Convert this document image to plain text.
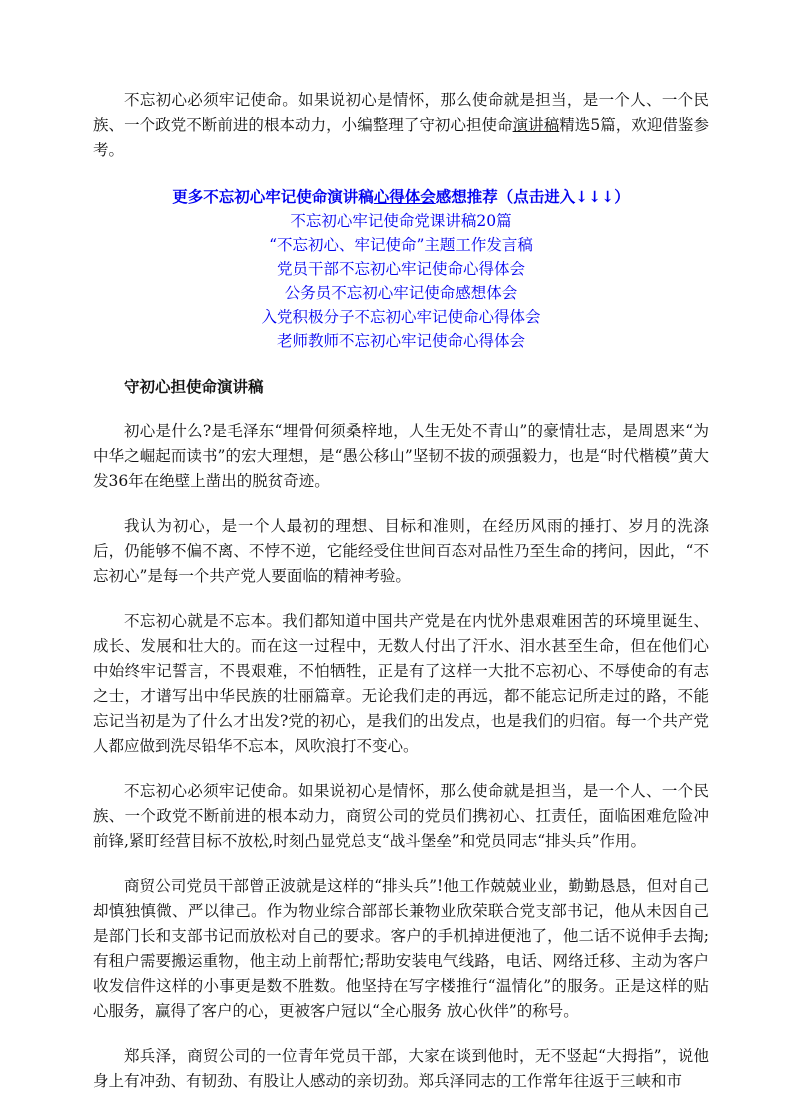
不忘初心必须牢记使命。如果说初心是情怀，那么使命就是担当，是一个人、一个民族、一个政党不断前进的根本动力，小编整理了守初心担使命演讲稿精选5篇，欢迎借鉴参考。

更多不忘初心牢记使命演讲稿心得体会感想推荐（点击进入↓↓↓）
不忘初心牢记使命党课讲稿20篇
“不忘初心、牢记使命”主题工作发言稿
党员干部不忘初心牢记使命心得体会
公务员不忘初心牢记使命感想体会
入党积极分子不忘初心牢记使命心得体会
老师教师不忘初心牢记使命心得体会
守初心担使命演讲稿

初心是什么?是毛泽东“埋骨何须桑梓地，人生无处不青山”的豪情壮志，是周恩来“为中华之崛起而读书”的宏大理想，是“愚公移山”坚韧不拔的顽强毅力，也是“时代楷模”黄大发36年在绝壁上凿出的脱贫奇迹。

我认为初心，是一个人最初的理想、目标和准则，在经历风雨的捶打、岁月的洗涤后，仍能够不偏不离、不悖不逆，它能经受住世间百态对品性乃至生命的拷问，因此，“不忘初心”是每一个共产党人要面临的精神考验。

不忘初心就是不忘本。我们都知道中国共产党是在内忧外患艰难困苦的环境里诞生、成长、发展和壮大的。而在这一过程中，无数人付出了汗水、泪水甚至生命，但在他们心中始终牢记誓言，不畏艰难，不怕牺牲，正是有了这样一大批不忘初心、不辱使命的有志之士，才谱写出中华民族的壮丽篇章。无论我们走的再远，都不能忘记所走过的路，不能忘记当初是为了什么才出发?党的初心，是我们的出发点，也是我们的归宿。每一个共产党人都应做到洗尽铅华不忘本，风吹浪打不变心。

不忘初心必须牢记使命。如果说初心是情怀，那么使命就是担当，是一个人、一个民族、一个政党不断前进的根本动力，商贸公司的党员们携初心、扛责任，面临困难危险冲前锋,紧盯经营目标不放松,时刻凸显党总支“战斗堡垒”和党员同志“排头兵”作用。

商贸公司党员干部曾正波就是这样的“排头兵”!他工作兢兢业业，勤勤恳恳，但对自己却慎独慎微、严以律己。作为物业综合部部长兼物业欣荣联合党支部书记，他从未因自己是部门长和支部书记而放松对自己的要求。客户的手机掉进便池了，他二话不说伸手去掏;有租户需要搬运重物，他主动上前帮忙;帮助安装电气线路，电话、网络迁移、主动为客户收发信件这样的小事更是数不胜数。他坚持在写字楼推行“温情化”的服务。正是这样的贴心服务，赢得了客户的心，更被客户冠以“全心服务 放心伙伴”的称号。

郑兵泽，商贸公司的一位青年党员干部，大家在谈到他时，无不竖起“大拇指”，说他身上有冲劲、有韧劲、有股让人感动的亲切劲。郑兵泽同志的工作常年往返于三峡和市
